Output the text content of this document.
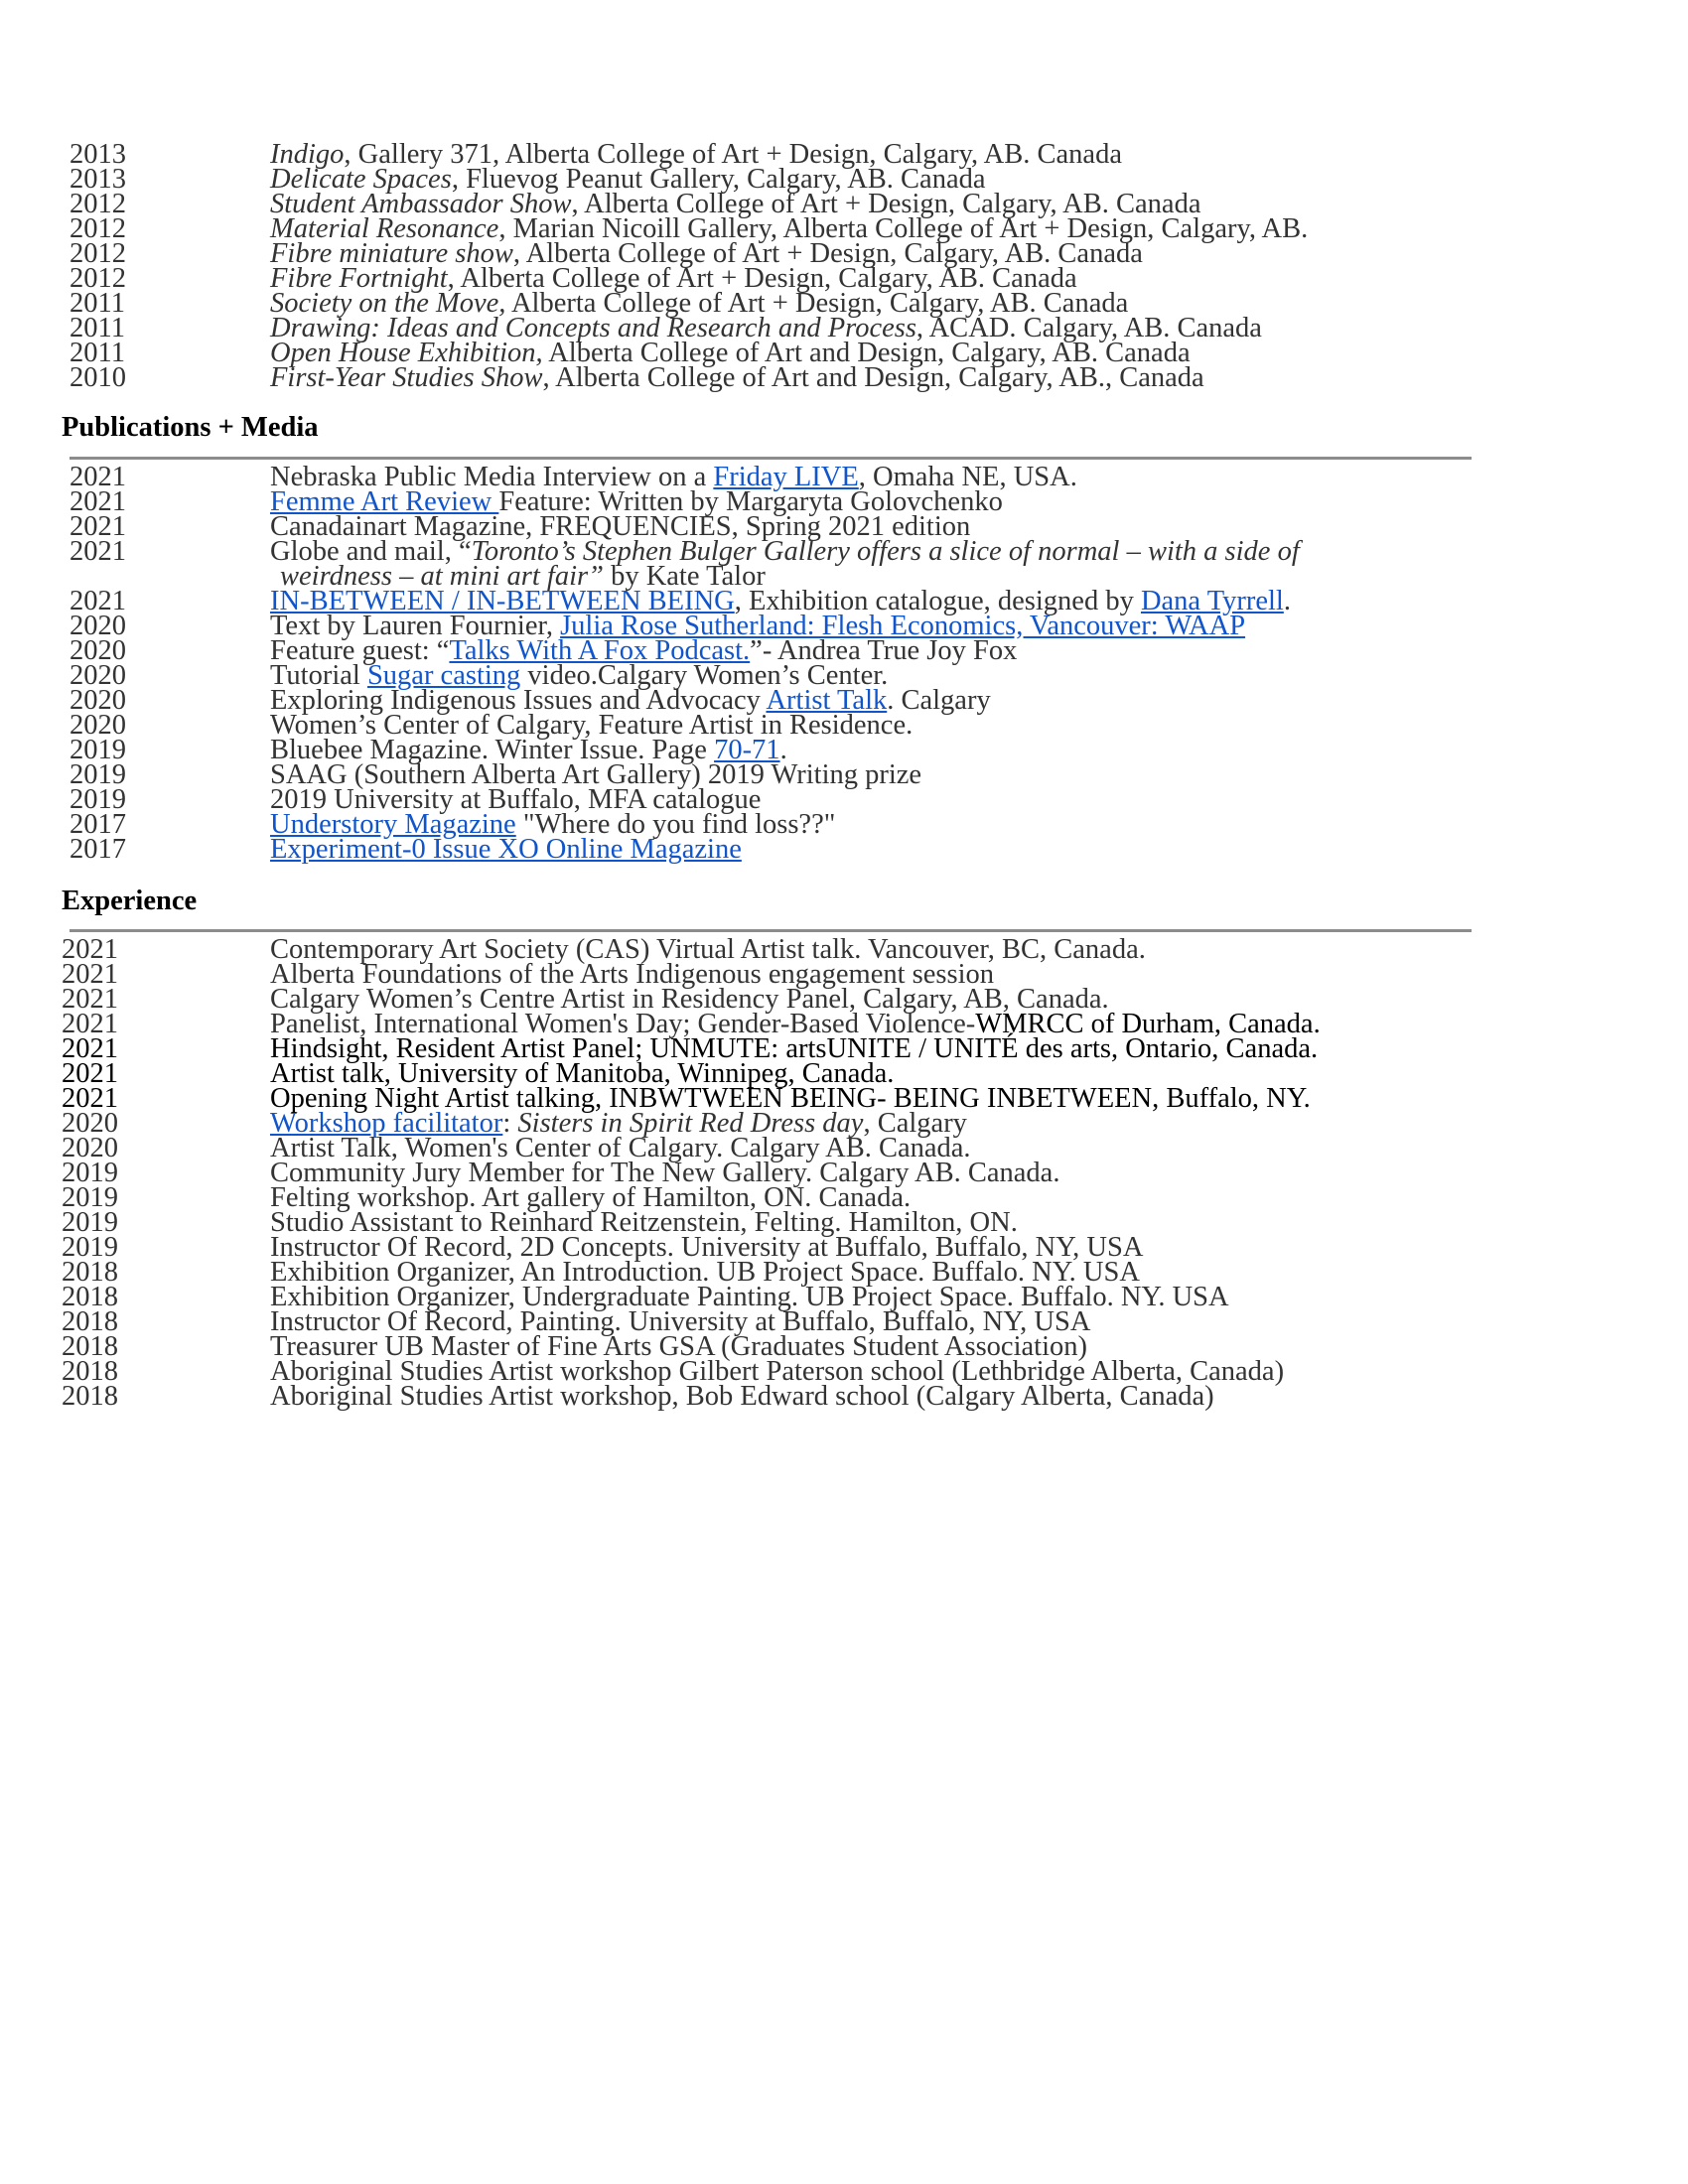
2013	Indigo, Gallery 371, Alberta College of Art + Design, Calgary, AB. Canada
2013	Delicate Spaces, Fluevog Peanut Gallery, Calgary, AB. Canada
2012	Student Ambassador Show, Alberta College of Art + Design, Calgary, AB. Canada
2012	Material Resonance, Marian Nicoill Gallery, Alberta College of Art + Design, Calgary, AB.
2012	Fibre miniature show, Alberta College of Art + Design, Calgary, AB. Canada
2012	Fibre Fortnight, Alberta College of Art + Design, Calgary, AB. Canada
2011	Society on the Move, Alberta College of Art + Design, Calgary, AB. Canada
2011	Drawing: Ideas and Concepts and Research and Process, ACAD. Calgary, AB. Canada
2011	Open House Exhibition, Alberta College of Art and Design, Calgary, AB. Canada
2010	First-Year Studies Show, Alberta College of Art and Design, Calgary, AB., Canada
Publications + Media
2021	Nebraska Public Media Interview on a Friday LIVE, Omaha NE, USA.
2021	Femme Art Review Feature: Written by Margaryta Golovchenko
2021	Canadainart Magazine, FREQUENCIES, Spring 2021 edition
2021	Globe and mail, “Toronto’s Stephen Bulger Gallery offers a slice of normal – with a side of
weirdness – at mini art fair” by Kate Talor
2021	IN-BETWEEN / IN-BETWEEN BEING, Exhibition catalogue, designed by Dana Tyrrell.
2020	Text by Lauren Fournier, Julia Rose Sutherland: Flesh Economics, Vancouver: WAAP
2020	Feature guest: “Talks With A Fox Podcast.”- Andrea True Joy Fox
2020	Tutorial Sugar casting video.Calgary Women’s Center.
2020	Exploring Indigenous Issues and Advocacy Artist Talk. Calgary
2020	Women’s Center of Calgary, Feature Artist in Residence.
2019	Bluebee Magazine. Winter Issue. Page 70-71.
2019	SAAG (Southern Alberta Art Gallery) 2019 Writing prize
2019	2019 University at Buffalo, MFA catalogue
2017	Understory Magazine "Where do you find loss??"
2017	Experiment-0 Issue XO Online Magazine
Experience
2021	Contemporary Art Society (CAS) Virtual Artist talk. Vancouver, BC, Canada.
2021	Alberta Foundations of the Arts Indigenous engagement session
2021	Calgary Women’s Centre Artist in Residency Panel, Calgary, AB, Canada.
2021	Panelist, International Women's Day; Gender-Based Violence-WMRCC of Durham, Canada.
2021	Hindsight, Resident Artist Panel; UNMUTE: artsUNITE / UNITÉ des arts, Ontario, Canada.
2021	Artist talk, University of Manitoba, Winnipeg, Canada.
2021	Opening Night Artist talking, INBWTWEEN BEING- BEING INBETWEEN, Buffalo, NY.
2020	Workshop facilitator: Sisters in Spirit Red Dress day, Calgary
2020	Artist Talk, Women's Center of Calgary. Calgary AB. Canada.
2019	Community Jury Member for The New Gallery. Calgary AB. Canada.
2019	Felting workshop. Art gallery of Hamilton, ON. Canada.
2019	Studio Assistant to Reinhard Reitzenstein, Felting. Hamilton, ON.
2019	Instructor Of Record, 2D Concepts. University at Buffalo, Buffalo, NY, USA
2018	Exhibition Organizer, An Introduction. UB Project Space. Buffalo. NY. USA
2018	Exhibition Organizer, Undergraduate Painting. UB Project Space. Buffalo. NY. USA
2018	Instructor Of Record, Painting. University at Buffalo, Buffalo, NY, USA
2018	Treasurer UB Master of Fine Arts GSA (Graduates Student Association)
2018	Aboriginal Studies Artist workshop Gilbert Paterson school (Lethbridge Alberta, Canada)
2018	Aboriginal Studies Artist workshop, Bob Edward school (Calgary Alberta, Canada)
